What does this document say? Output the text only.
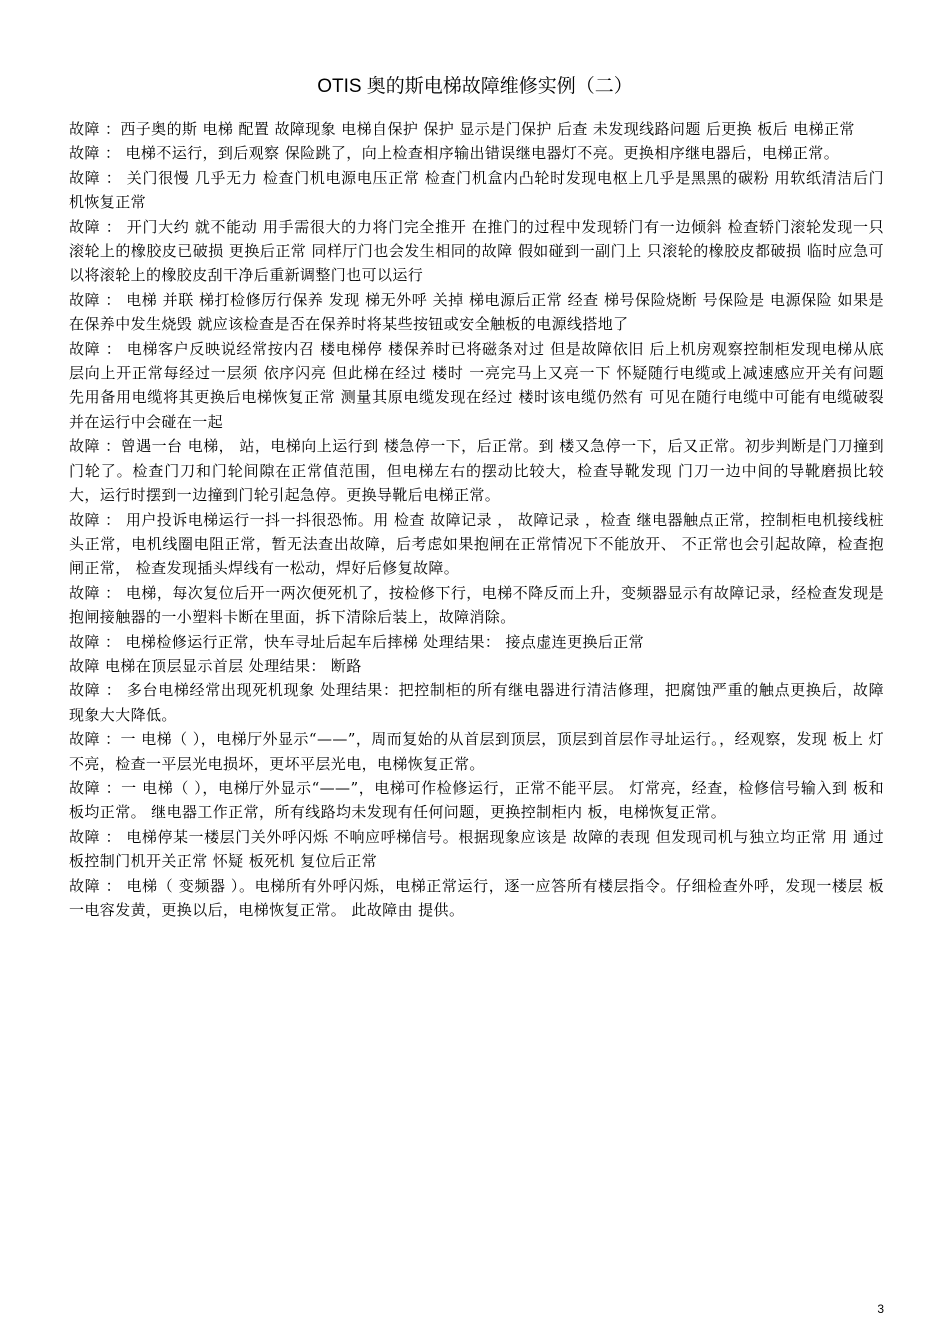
OTIS 奥的斯电梯故障维修实例（二）

故障 ：西子奥的斯 电梯 配置 故障现象 电梯自保护 保护 显示是门保护 后查 未发现线路问题 后更换 板后 电梯正常

故障 ： 电梯不运行，到后观察 保险跳了，向上检查相序输出错误继电器灯不亮。更换相序继电器后，电梯正常。

故障 ： 关门很慢 几乎无力 检查门机电源电压正常 检查门机盒内凸轮时发现电枢上几乎是黑黑的碳粉 用软纸清洁后门机恢复正常

故障 ： 开门大约 就不能动 用手需很大的力将门完全推开 在推门的过程中发现轿门有一边倾斜 检查轿门滚轮发现一只滚轮上的橡胶皮已破损 更换后正常 同样厅门也会发生相同的故障 假如碰到一副门上 只滚轮的橡胶皮都破损 临时应急可以将滚轮上的橡胶皮刮干净后重新调整门也可以运行

故障 ： 电梯 并联 梯打检修厉行保养 发现 梯无外呼 关掉 梯电源后正常 经查 梯号保险烧断 号保险是 电源保险 如果是在保养中发生烧毁 就应该检查是否在保养时将某些按钮或安全触板的电源线搭地了

故障 ： 电梯客户反映说经常按内召 楼电梯停 楼保养时已将磁条对过 但是故障依旧 后上机房观察控制柜发现电梯从底层向上开正常每经过一层须 依序闪亮 但此梯在经过 楼时 一亮完马上又亮一下 怀疑随行电缆或上减速感应开关有问题 先用备用电缆将其更换后电梯恢复正常 测量其原电缆发现在经过 楼时该电缆仍然有 可见在随行电缆中可能有电缆破裂并在运行中会碰在一起

故障 ：曾遇一台 电梯， 站，电梯向上运行到 楼急停一下，后正常。到 楼又急停一下，后又正常。初步判断是门刀撞到门轮了。检查门刀和门轮间隙在正常值范围，但电梯左右的摆动比较大，检查导靴发现 门刀一边中间的导靴磨损比较大，运行时摆到一边撞到门轮引起急停。更换导靴后电梯正常。

故障 ： 用户投诉电梯运行一抖一抖很恐怖。用 检查 故障记录 ， 故障记录 ，检查 继电器触点正常，控制柜电机接线桩头正常，电机线圈电阻正常，暂无法查出故障，后考虑如果抱闸在正常情况下不能放开、 不正常也会引起故障，检查抱闸正常， 检查发现插头焊线有一松动，焊好后修复故障。

故障 ： 电梯，每次复位后开一两次便死机了，按检修下行，电梯不降反而上升，变频器显示有故障记录，经检查发现是抱闸接触器的一小塑料卡断在里面，拆下清除后装上，故障消除。

故障 ： 电梯检修运行正常，快车寻址后起车后摔梯 处理结果： 接点虚连更换后正常

故障 电梯在顶层显示首层 处理结果： 断路

故障 ： 多台电梯经常出现死机现象 处理结果：把控制柜的所有继电器进行清洁修理，把腐蚀严重的触点更换后，故障现象大大降低。

故障 ：一 电梯（ ），电梯厅外显示“——”，周而复始的从首层到顶层，顶层到首层作寻址运行。，经观察，发现 板上 灯不亮，检查一平层光电损坏，更坏平层光电，电梯恢复正常。

故障 ：一 电梯（ ），电梯厅外显示“——”，电梯可作检修运行，正常不能平层。 灯常亮，经查，检修信号输入到 板和 板均正常。 继电器工作正常，所有线路均未发现有任何问题，更换控制柜内 板，电梯恢复正常。

故障 ： 电梯停某一楼层门关外呼闪烁 不响应呼梯信号。根据现象应该是 故障的表现 但发现司机与独立均正常 用 通过 板控制门机开关正常 怀疑 板死机 复位后正常

故障 ： 电梯（ 变频器 ）。电梯所有外呼闪烁，电梯正常运行，逐一应答所有楼层指令。仔细检查外呼，发现一楼层 板一电容发黄，更换以后，电梯恢复正常。 此故障由 提供。

3
